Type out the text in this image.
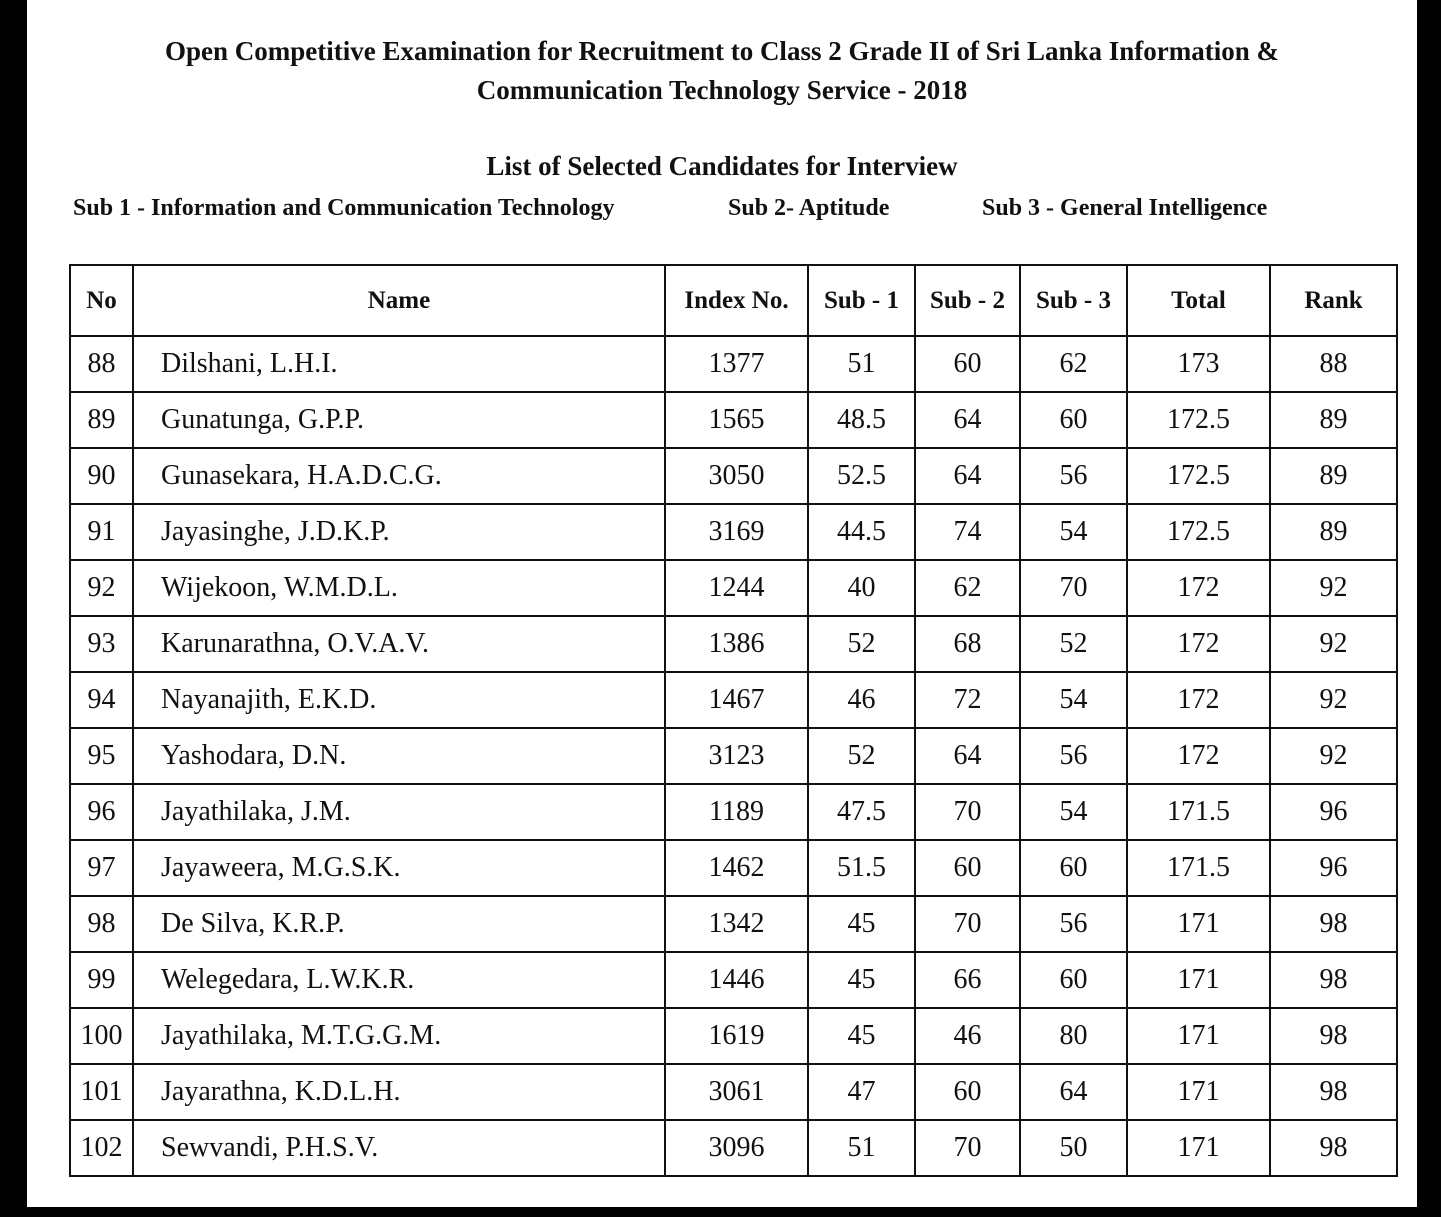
Open Competitive Examination for Recruitment to Class 2 Grade II of Sri Lanka Information &
Communication Technology Service - 2018
List of Selected Candidates for Interview
Sub 1 - Information and Communication Technology	Sub 2- Aptitude	Sub 3 - General Intelligence
No	Name	Index No.	Sub - 1	Sub - 2	Sub - 3	Total	Rank
88	Dilshani, L.H.I.	1377	51	60	62	173	88
89	Gunatunga, G.P.P.	1565	48.5	64	60	172.5	89
90	Gunasekara, H.A.D.C.G.	3050	52.5	64	56	172.5	89
91	Jayasinghe, J.D.K.P.	3169	44.5	74	54	172.5	89
92	Wijekoon, W.M.D.L.	1244	40	62	70	172	92
93	Karunarathna, O.V.A.V.	1386	52	68	52	172	92
94	Nayanajith, E.K.D.	1467	46	72	54	172	92
95	Yashodara, D.N.	3123	52	64	56	172	92
96	Jayathilaka, J.M.	1189	47.5	70	54	171.5	96
97	Jayaweera, M.G.S.K.	1462	51.5	60	60	171.5	96
98	De Silva, K.R.P.	1342	45	70	56	171	98
99	Welegedara, L.W.K.R.	1446	45	66	60	171	98
100	Jayathilaka, M.T.G.G.M.	1619	45	46	80	171	98
101	Jayarathna, K.D.L.H.	3061	47	60	64	171	98
102	Sewvandi, P.H.S.V.	3096	51	70	50	171	98
